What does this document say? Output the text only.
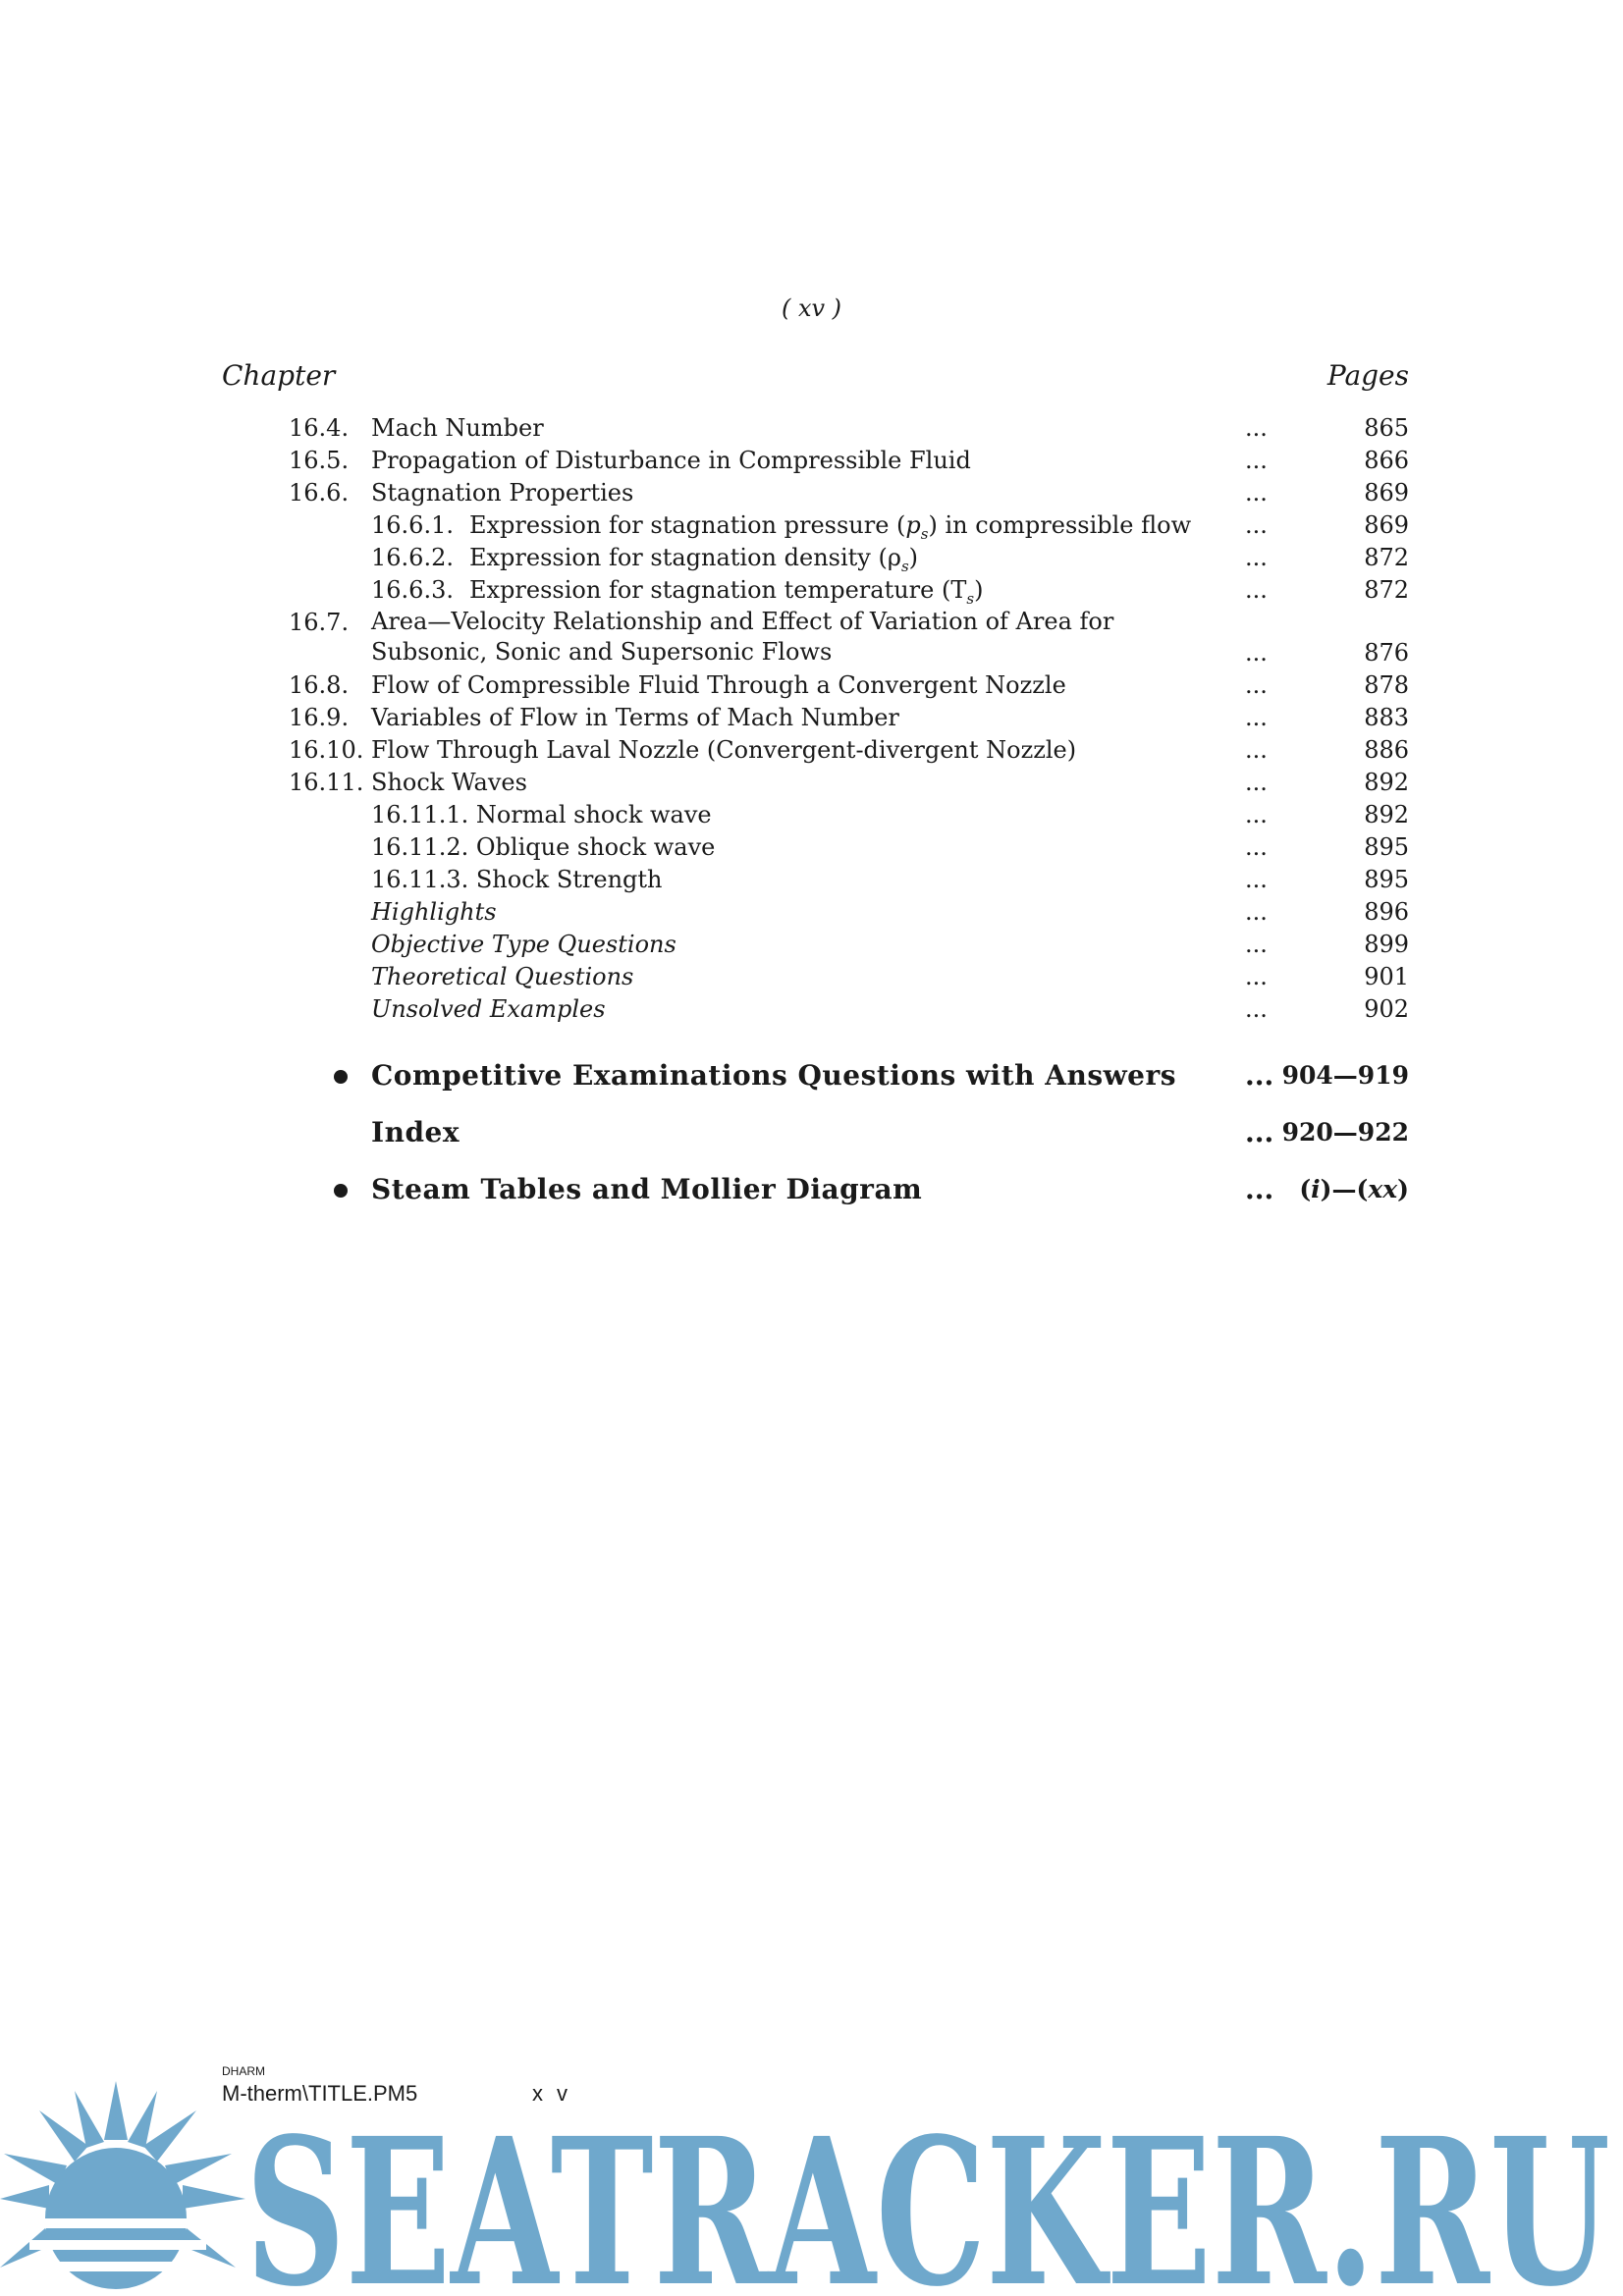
( xv )
Chapter	Pages
16.4. Mach Number	...	865
16.5. Propagation of Disturbance in Compressible Fluid	...	866
16.6. Stagnation Properties	...	869
16.6.1. Expression for stagnation pressure $(p_s)$ in compressible flow ...	869
16.6.2. Expression for stagnation density $(\rho_s)$	...	872
16.6.3. Expression for stagnation temperature $(T_s)$	...	872
16.7. Area—Velocity Relationship and Effect of Variation of Area for
Subsonic, Sonic and Supersonic Flows	...	876
16.8. Flow of Compressible Fluid Through a Convergent Nozzle	...	878
16.9. Variables of Flow in Terms of Mach Number	...	883
16.10. Flow Through Laval Nozzle (Convergent-divergent Nozzle)	...	886
16.11. Shock Waves	...	892
16.11.1. Normal shock wave	...	892
16.11.2. Oblique shock wave	...	895
16.11.3. Shock Strength	...	895
Highlights	...	896
Objective Type Questions	...	899
Theoretical Questions	...	901
Unsolved Examples	...	902
Competitive Examinations Questions with Answers ... 904—919
Index	... 920—922
Steam Tables and Mollier Diagram	... (i)—(xx)
DHARM
M-therm\TITLE.PM5	xv
SEATRACKER.RU
